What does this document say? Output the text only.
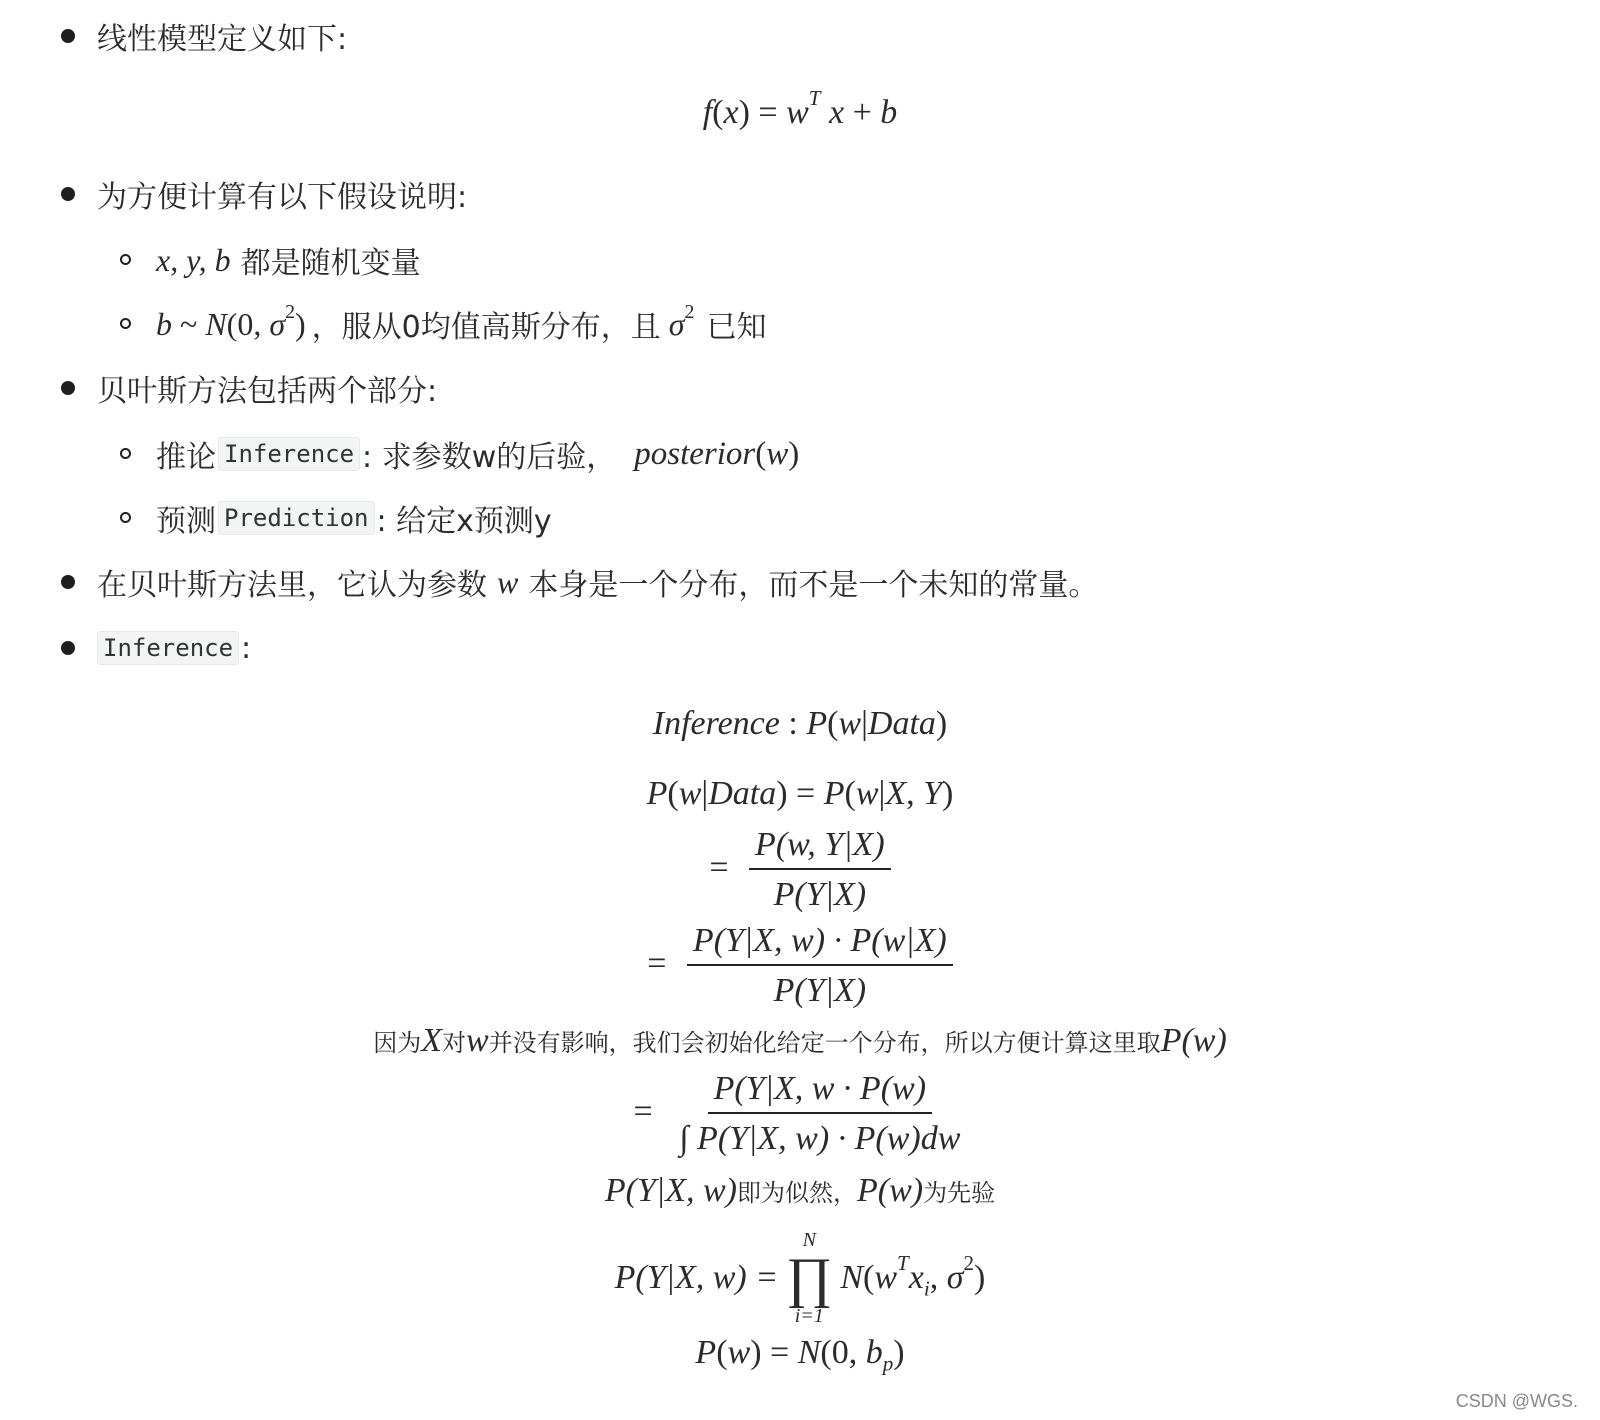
线性模型定义如下:
$f(x) = w^T$ x + b
为方便计算有以下假设说明:
x, y, b 都是随机变量
b ~ N(0, $\sigma^2$) ，服从0均值高斯分布，且 $\sigma^2$ 已知
贝叶斯方法包括两个部分:
推论 Inference : 求参数w的后验， posterior(w)
预测 Prediction : 给定x预测y
在贝叶斯方法里，它认为参数 w 本身是一个分布，而不是一个未知的常量。
Inference :
Inference : P(w|Data)
P(w|Data) = P(w|X, Y)
= $\frac{P(w, Y|X)}{P(Y|X)}$
= $\frac{P(Y|X, w) \cdot P(w|X)}{P(Y|X)}$
因为X对w并没有影响，我们会初始化给定一个分布，所以方便计算这里取P(w)
= $\frac{P(Y|X, w \cdot P(w)}{\int P(Y|X, w) \cdot P(w)dw}$
P(Y|X, w)即为似然，P(w)为先验
P(Y|X, w) =
N
∏
i=1
$N(w^Tx_i$, $\sigma^2$)
P(w) = N(0, $b_p$)
CSDN @WGS.
